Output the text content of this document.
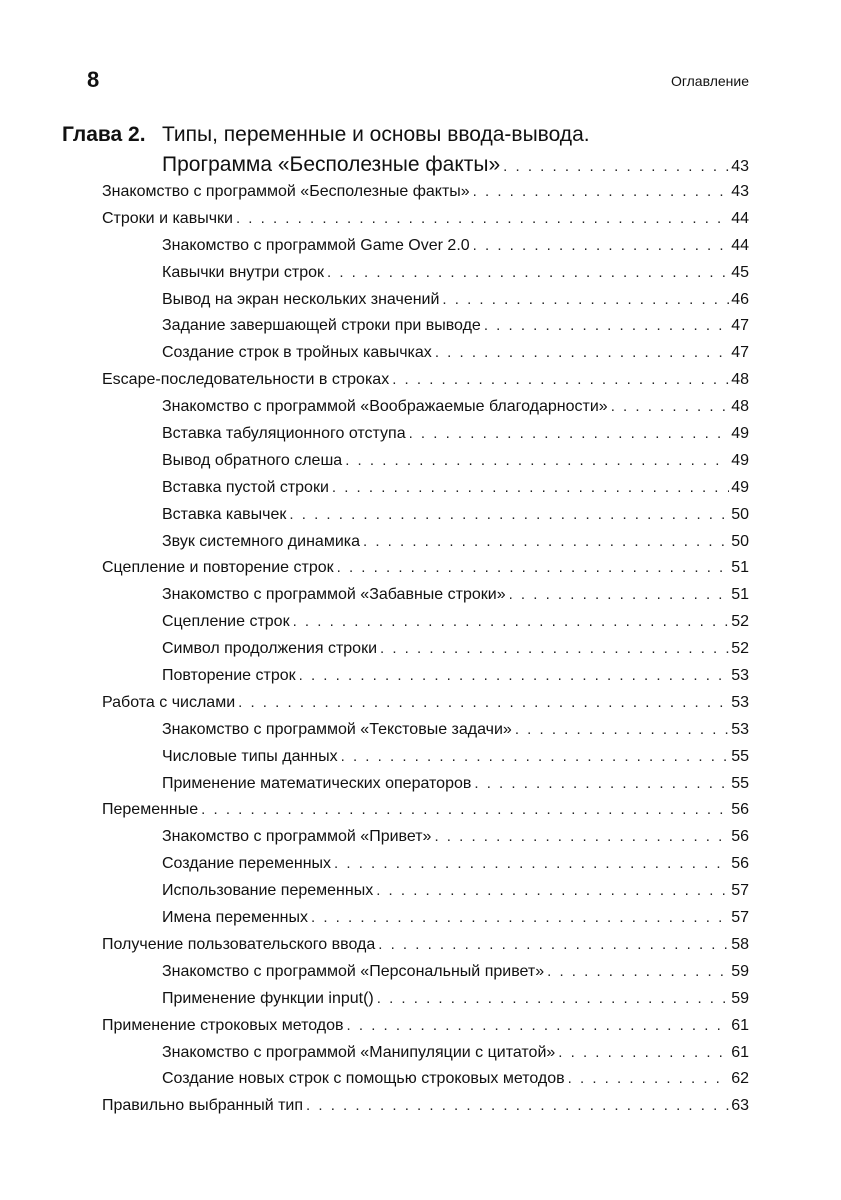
8	Оглавление
Глава 2. Типы, переменные и основы ввода-вывода.
Программа «Бесполезные факты» . . .	43
Знакомство с программой «Бесполезные факты» . . .	43
Строки и кавычки . . .	44
Знакомство с программой Game Over 2.0 . . .	44
Кавычки внутри строк . . .	45
Вывод на экран нескольких значений . . .	46
Задание завершающей строки при выводе . . .	47
Создание строк в тройных кавычках . . .	47
Escape-последовательности в строках . . .	48
Знакомство с программой «Воображаемые благодарности» . . .	48
Вставка табуляционного отступа . . .	49
Вывод обратного слеша . . .	49
Вставка пустой строки . . .	49
Вставка кавычек . . .	50
Звук системного динамика . . .	50
Сцепление и повторение строк . . .	51
Знакомство с программой «Забавные строки» . . .	51
Сцепление строк . . .	52
Символ продолжения строки . . .	52
Повторение строк . . .	53
Работа с числами . . .	53
Знакомство с программой «Текстовые задачи» . . .	53
Числовые типы данных . . .	55
Применение математических операторов . . .	55
Переменные . . .	56
Знакомство с программой «Привет» . . .	56
Создание переменных . . .	56
Использование переменных . . .	57
Имена переменных . . .	57
Получение пользовательского ввода . . .	58
Знакомство с программой «Персональный привет» . . .	59
Применение функции input() . . .	59
Применение строковых методов . . .	61
Знакомство с программой «Манипуляции с цитатой» . . .	61
Создание новых строк с помощью строковых методов . . .	62
Правильно выбранный тип . . .	63
